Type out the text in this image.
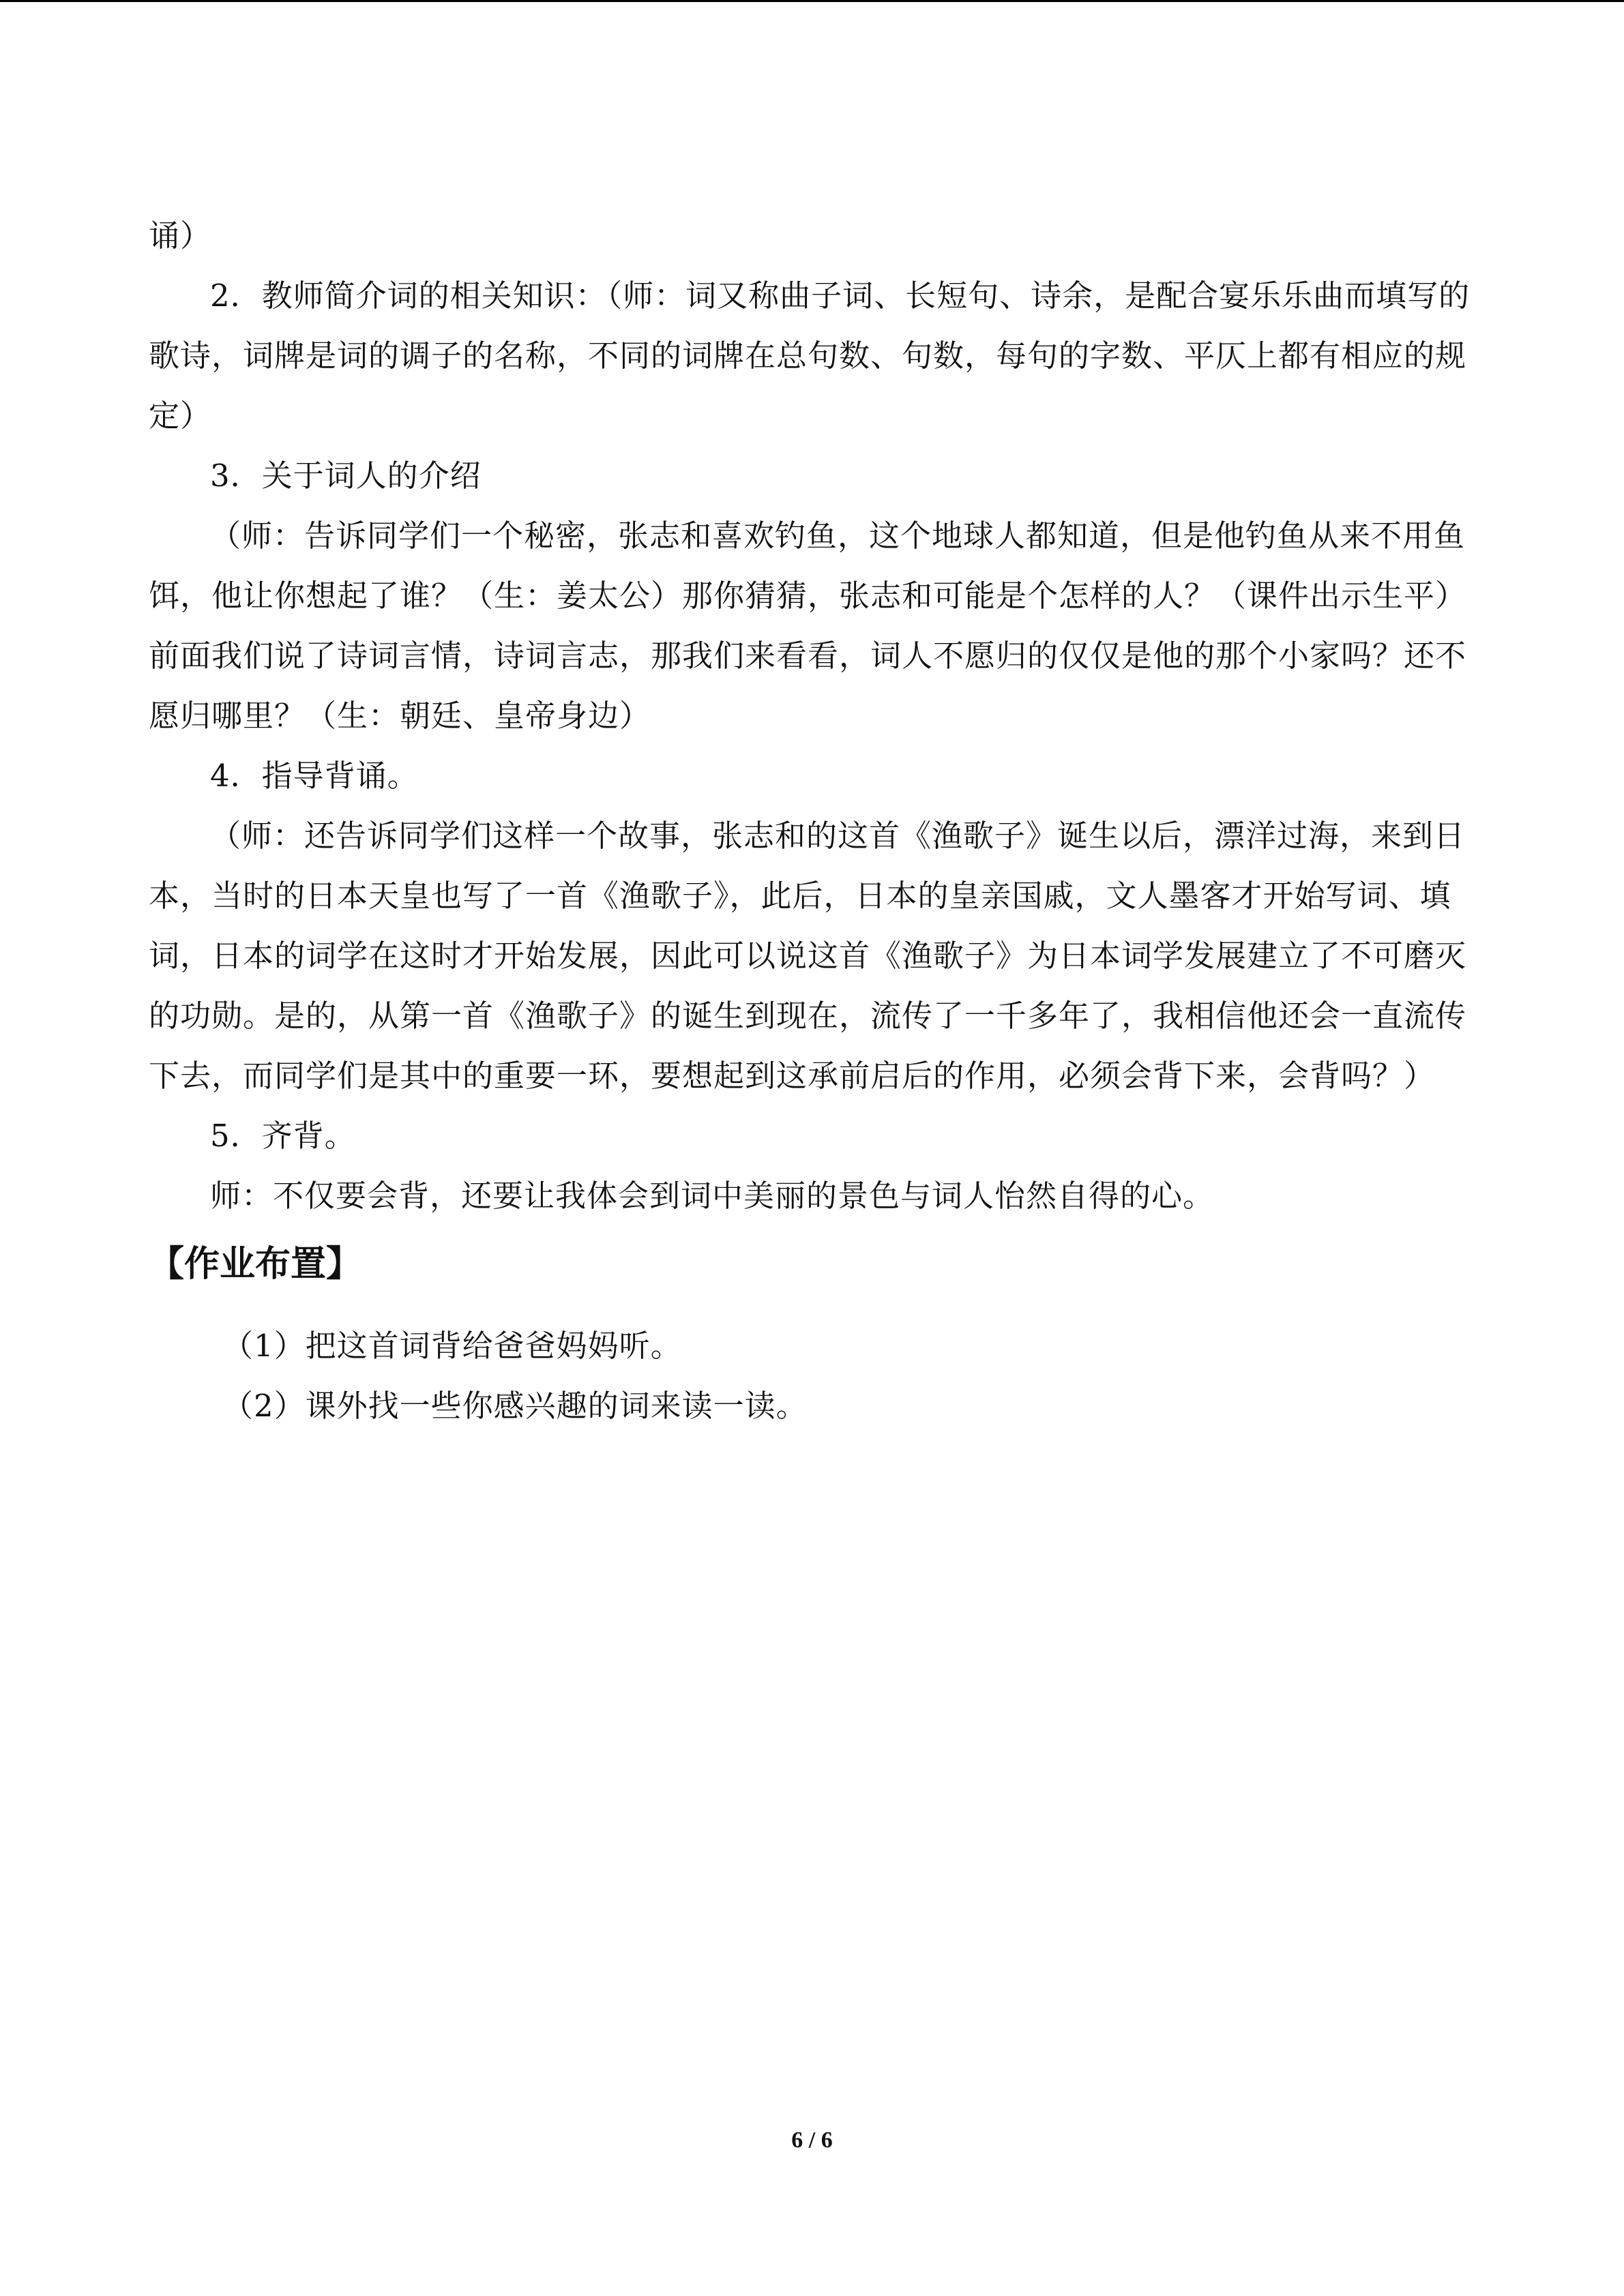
诵）

2．教师简介词的相关知识：（师：词又称曲子词、长短句、诗余，是配合宴乐乐曲而填写的歌诗，词牌是词的调子的名称，不同的词牌在总句数、句数，每句的字数、平仄上都有相应的规定）

3．关于词人的介绍

（师：告诉同学们一个秘密，张志和喜欢钓鱼，这个地球人都知道，但是他钓鱼从来不用鱼饵，他让你想起了谁？（生：姜太公）那你猜猜，张志和可能是个怎样的人？（课件出示生平）前面我们说了诗词言情，诗词言志，那我们来看看，词人不愿归的仅仅是他的那个小家吗？还不愿归哪里？（生：朝廷、皇帝身边）

4．指导背诵。

（师：还告诉同学们这样一个故事，张志和的这首《渔歌子》诞生以后，漂洋过海，来到日本，当时的日本天皇也写了一首《渔歌子》，此后，日本的皇亲国戚，文人墨客才开始写词、填词，日本的词学在这时才开始发展，因此可以说这首《渔歌子》为日本词学发展建立了不可磨灭的功勋。是的，从第一首《渔歌子》的诞生到现在，流传了一千多年了，我相信他还会一直流传下去，而同学们是其中的重要一环，要想起到这承前启后的作用，必须会背下来，会背吗？）

5．齐背。

师：不仅要会背，还要让我体会到词中美丽的景色与词人怡然自得的心。

【作业布置】

（1）把这首词背给爸爸妈妈听。

（2）课外找一些你感兴趣的词来读一读。

6 / 6
